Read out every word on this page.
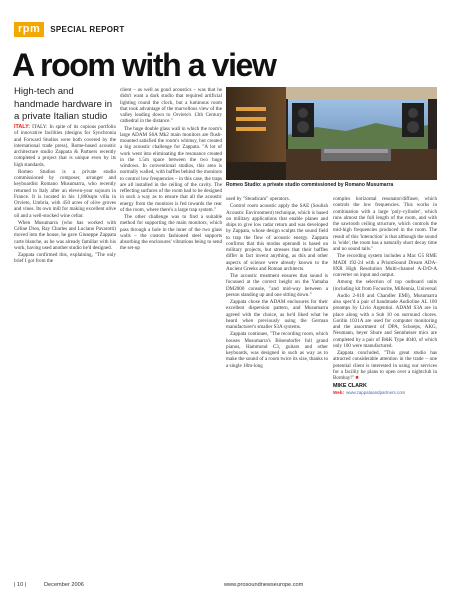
rpm	SPECIAL REPORT
A room with a view

High-tech and handmade hardware in a private Italian studio

ITALY: ITALY: In spite of its copious portfolio of innovative facilities (designs for Synchronia and Forward Studios were both covered by the international trade press), Rome-based acoustic architecture studio Zappata & Partners recently completed a project that is unique even by its high standards.

Romeo Studios is a private studio commissioned by composer, arranger and keyboardist Romano Musumarra, who recently returned to Italy after an eleven-year sojourn in France. It is located in his 1,800sqm villa in Orvieto, Umbria, with 450 acres of olive groves and vines. Its own mill for making excellent olive oil and a well-stocked wine cellar.

When Musumarra (who has worked with Céline Dion, Ray Charles and Luciano Pavarotti) moved into the house, he gave Giuseppe Zappata carte blanche, as he was already familiar with his work, having used another studio he'd designed.

Zappata confirmed this, explaining, "The only brief I got from the

client – as well as good acoustics – was that he didn't want a dark studio that required artificial lighting round the clock, but a luminous room that took advantage of the marvellous view of the valley leading down to Orvieto's 13th Century cathedral in the distance."

The huge double glass wall in which the room's large ADAM S6A Mk2 main monitors are flush-mounted satisfied the room's whimsy, but created a big acoustic challenge for Zappata. "A lot of work went into eliminating the resonance created in the 1.5m space between the two huge windows. In conventional studios, this area is normally walled, with baffles behind the monitors to control low frequencies – in this case, the traps are all installed in the ceiling of the cavity. The reflecting surfaces of the room had to be designed in such a way as to ensure that all the acoustic energy from the monitors is fed towards the rear of the room, where there's a large trap system."

The other challenge was to find a suitable method for supporting the main monitors, which pass through a hole in the inner of the two glass walls – the custom fashioned steel supports absorbing the enclosures' vibrations being to send the set-up

Romeo Studio: a private studio commissioned by Romano Musumarra

used by "Steadicam" operators.

Control room acoustic apply the SAE (Soulish Acoustic Environment) technique, which is based on military applications that enable planes and ships to give low radar return and was developed by Zappata, whose design sculpts the sound field to trap the flow of acoustic energy. Zappata confirms that this modus operandi is based on military projects, but stresses that their baffles differ in fact invent anything, as this and other aspects of science were already known to the Ancient Greeks and Roman architects.

The acoustic treatment ensures that sound is focussed at the correct height on the Yamaha DM2000 console, "and mid-way between a person standing up and one sitting down."

Zappata chose the ADAM enclosures for their excellent dispersion pattern, and Musumarra agreed with the choice, as he'd liked what he heard when previously using the German manufacturer's smaller S3A systems.

Zappata continues, "The recording room, which houses Musumarra's Bösendorfer full grand pianos, Hammond C3, guitars and other keyboards, was designed in such as way as to make the sound of a room twice its size, thanks to a single 18m-long

complex horizontal resonator/diffuser, which controls the low frequencies. This works in combination with a large 'poly-cylinder', which runs almost the full length of the room, and with the sawtooth ceiling structure, which controls the mid-high frequencies produced in the room. The result of this 'interaction' is that although the sound is 'wide', the room has a naturally short decay time and no sound tails."

The recording system includes a Mac G5 RME MADI 192-24 with a PrismSound Dream ADA-8XR High Resolution Multi-channel A-D/D-A converter on input and output.

Among the selection of top outboard units (including kit from Focusrite, Millennia, Universal

Audio 2-610 and Chandler EMI), Musumarra also spec'd a pair of handmade Audioline AL 100 preamps by Livio Argentini. ADAM S3A are in place along with a Sub 10 on surround chores. Gordin 1031A are used for computer monitoring and the assortment of DPA, Schoeps, AKG, Neumann, beyer Shure and Sennheiser mics are completed by a pair of B&K Type 4040, of which only 100 were manufactured.

Zappata concluded, "This great studio has attracted considerable attention in the trade – one potential client is interested in using our services for a facility he plans to open over a nightclub in Bombay!" ■

MIKE CLARK
Web: www.zappataandpartners.com
| 10 |	December 2006	www.prosoundnewseurope.com
